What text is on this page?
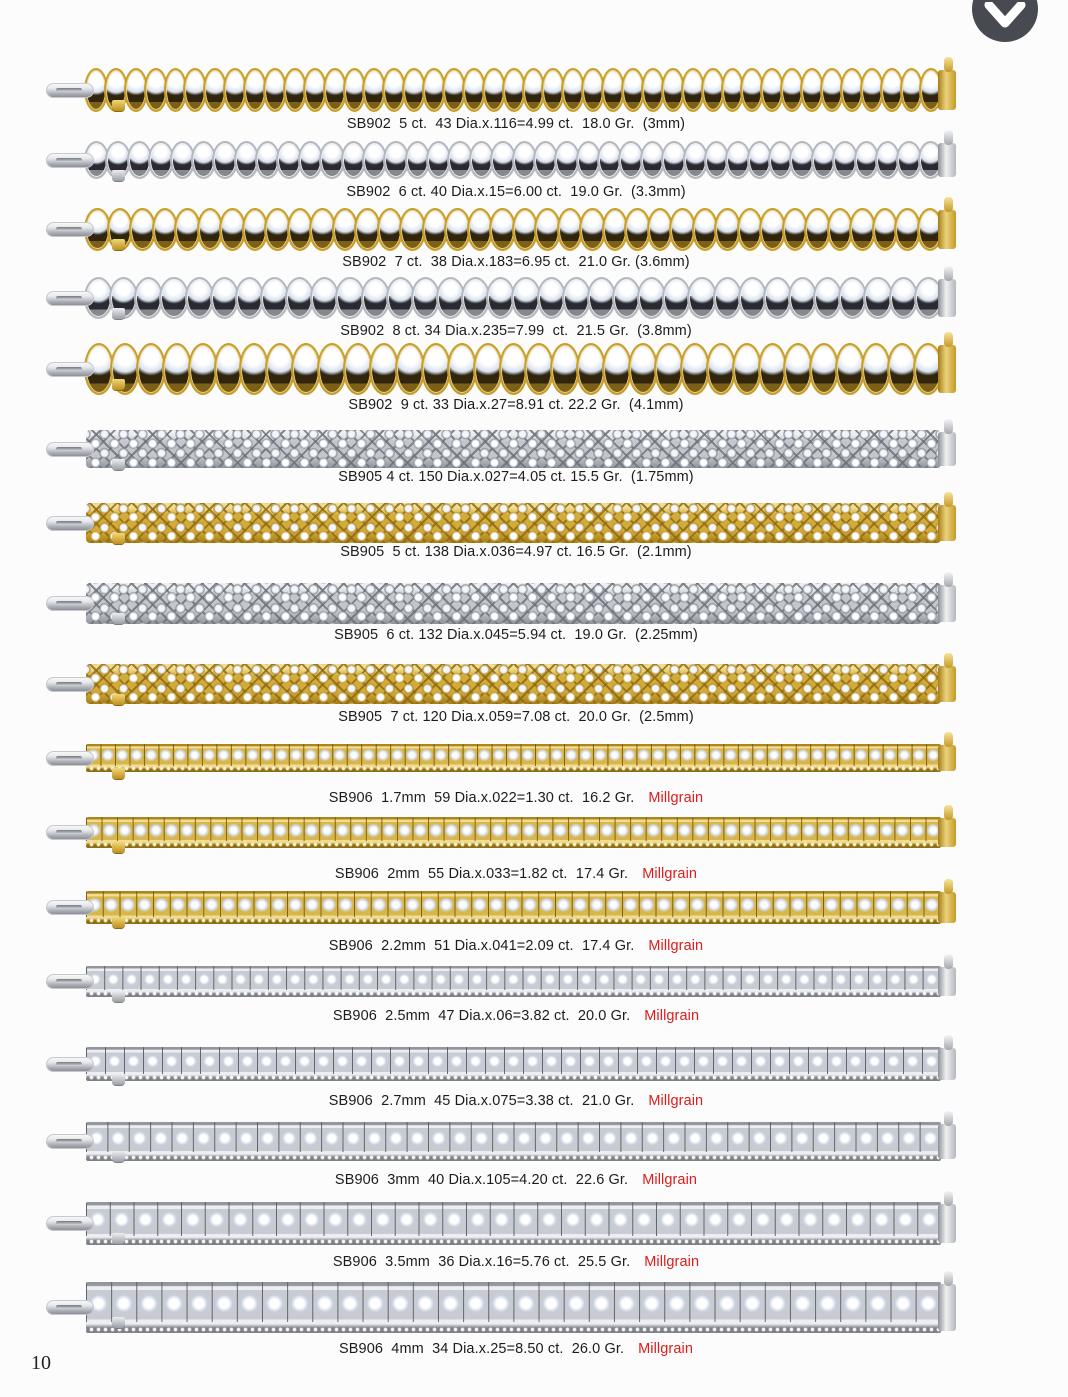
SB902  5 ct.  43 Dia.x.116=4.99 ct.  18.0 Gr.  (3mm)

SB902  6 ct. 40 Dia.x.15=6.00 ct.  19.0 Gr.  (3.3mm)

SB902  7 ct.  38 Dia.x.183=6.95 ct.  21.0 Gr. (3.6mm)

SB902  8 ct. 34 Dia.x.235=7.99  ct.  21.5 Gr.  (3.8mm)

SB902  9 ct. 33 Dia.x.27=8.91 ct. 22.2 Gr.  (4.1mm)

SB905 4 ct. 150 Dia.x.027=4.05 ct. 15.5 Gr.  (1.75mm)

SB905  5 ct. 138 Dia.x.036=4.97 ct. 16.5 Gr.  (2.1mm)

SB905  6 ct. 132 Dia.x.045=5.94 ct.  19.0 Gr.  (2.25mm)

SB905  7 ct. 120 Dia.x.059=7.08 ct.  20.0 Gr.  (2.5mm)

SB906  1.7mm  59 Dia.x.022=1.30 ct.  16.2 Gr. Millgrain

SB906  2mm  55 Dia.x.033=1.82 ct.  17.4 Gr. Millgrain

SB906  2.2mm  51 Dia.x.041=2.09 ct.  17.4 Gr. Millgrain

SB906  2.5mm  47 Dia.x.06=3.82 ct.  20.0 Gr. Millgrain

SB906  2.7mm  45 Dia.x.075=3.38 ct.  21.0 Gr. Millgrain

SB906  3mm  40 Dia.x.105=4.20 ct.  22.6 Gr. Millgrain

SB906  3.5mm  36 Dia.x.16=5.76 ct.  25.5 Gr. Millgrain

SB906  4mm  34 Dia.x.25=8.50 ct.  26.0 Gr. Millgrain

10
